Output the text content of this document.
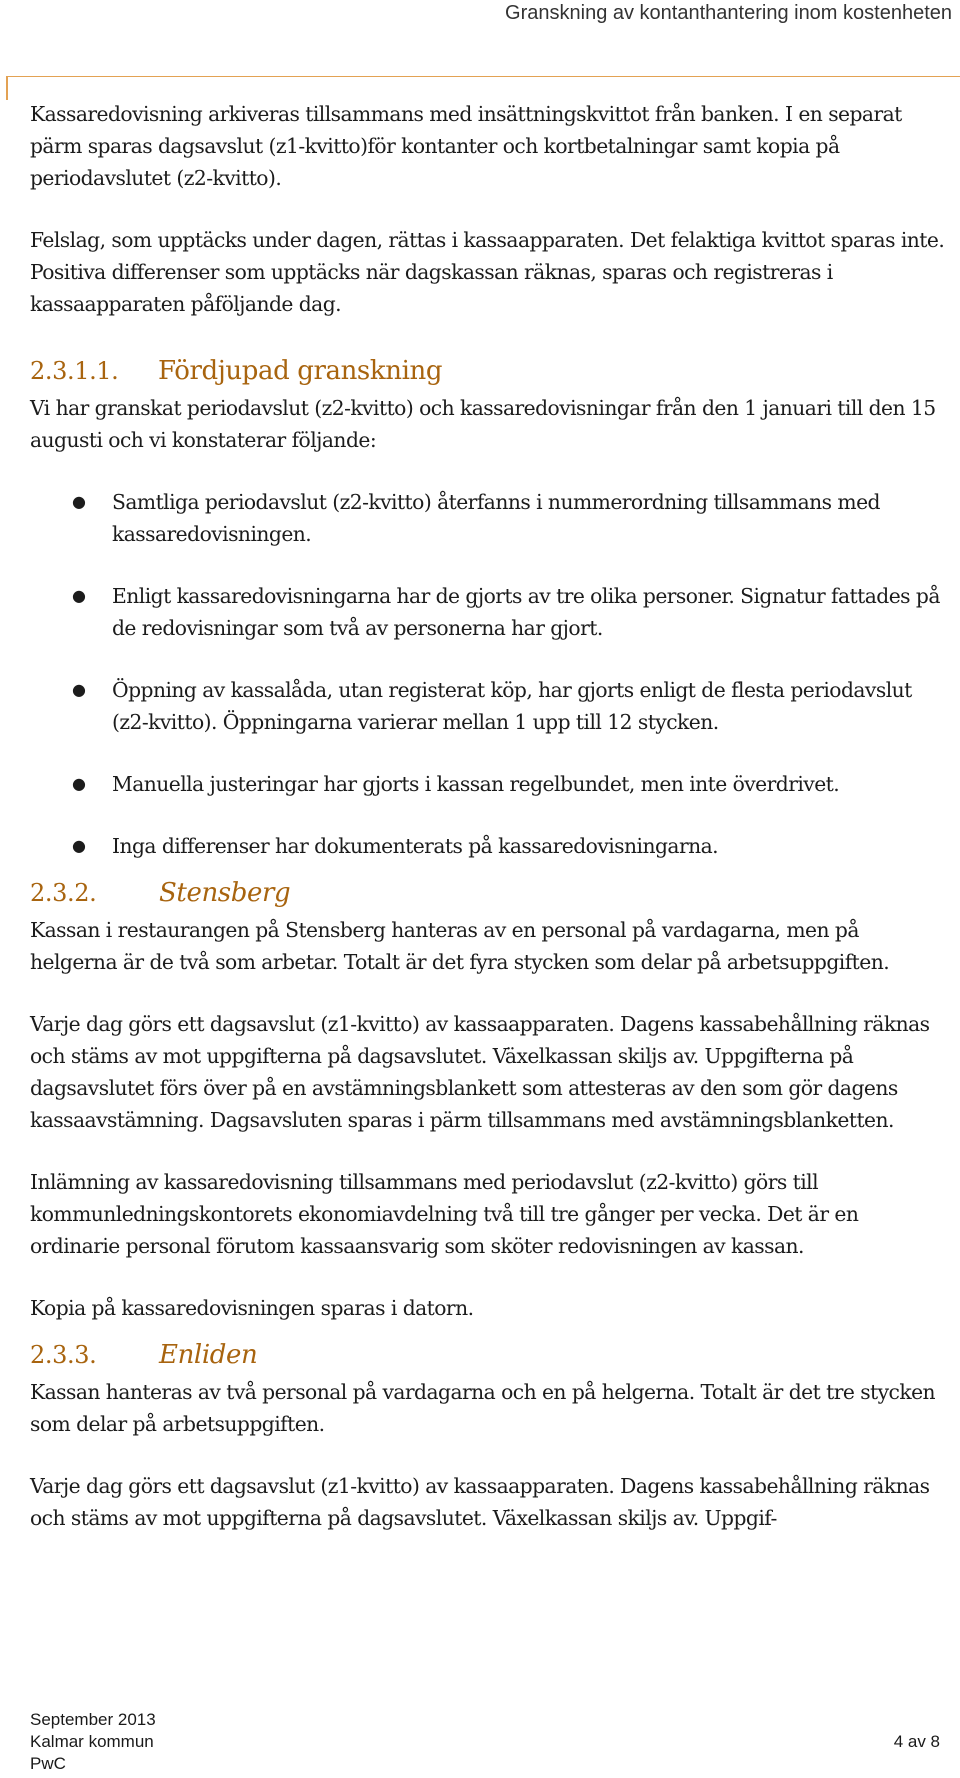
Granskning av kontanthantering inom kostenheten

Kassaredovisning arkiveras tillsammans med insättningskvittot från banken. I en separat pärm sparas dagsavslut (z1-kvitto)för kontanter och kortbetalningar samt kopia på periodavslutet (z2-kvitto).

Felslag, som upptäcks under dagen, rättas i kassaapparaten. Det felaktiga kvittot sparas inte. Positiva differenser som upptäcks när dagskassan räknas, sparas och registreras i kassaapparaten påföljande dag.

2.3.1.1. Fördjupad granskning

Vi har granskat periodavslut (z2-kvitto) och kassaredovisningar från den 1 januari till den 15 augusti och vi konstaterar följande:

● Samtliga periodavslut (z2-kvitto) återfanns i nummerordning tillsammans med kassaredovisningen.
● Enligt kassaredovisningarna har de gjorts av tre olika personer. Signatur fattades på de redovisningar som två av personerna har gjort.
● Öppning av kassalåda, utan registerat köp, har gjorts enligt de flesta periodavslut (z2-kvitto). Öppningarna varierar mellan 1 upp till 12 stycken.
● Manuella justeringar har gjorts i kassan regelbundet, men inte överdrivet.
● Inga differenser har dokumenterats på kassaredovisningarna.
2.3.2. Stensberg

Kassan i restaurangen på Stensberg hanteras av en personal på vardagarna, men på helgerna är de två som arbetar. Totalt är det fyra stycken som delar på arbetsuppgiften.

Varje dag görs ett dagsavslut (z1-kvitto) av kassaapparaten. Dagens kassabehållning räknas och stäms av mot uppgifterna på dagsavslutet. Växelkassan skiljs av. Uppgifterna på dagsavslutet förs över på en avstämningsblankett som attesteras av den som gör dagens kassaavstämning. Dagsavsluten sparas i pärm tillsammans med avstämningsblanketten.

Inlämning av kassaredovisning tillsammans med periodavslut (z2-kvitto) görs till kommunledningskontorets ekonomiavdelning två till tre gånger per vecka. Det är en ordinarie personal förutom kassaansvarig som sköter redovisningen av kassan.

Kopia på kassaredovisningen sparas i datorn.

2.3.3. Enliden

Kassan hanteras av två personal på vardagarna och en på helgerna. Totalt är det tre stycken som delar på arbetsuppgiften.

Varje dag görs ett dagsavslut (z1-kvitto) av kassaapparaten. Dagens kassabehållning räknas och stäms av mot uppgifterna på dagsavslutet. Växelkassan skiljs av. Uppgif-

September 2013
Kalmar kommun
PwC
4 av 8
